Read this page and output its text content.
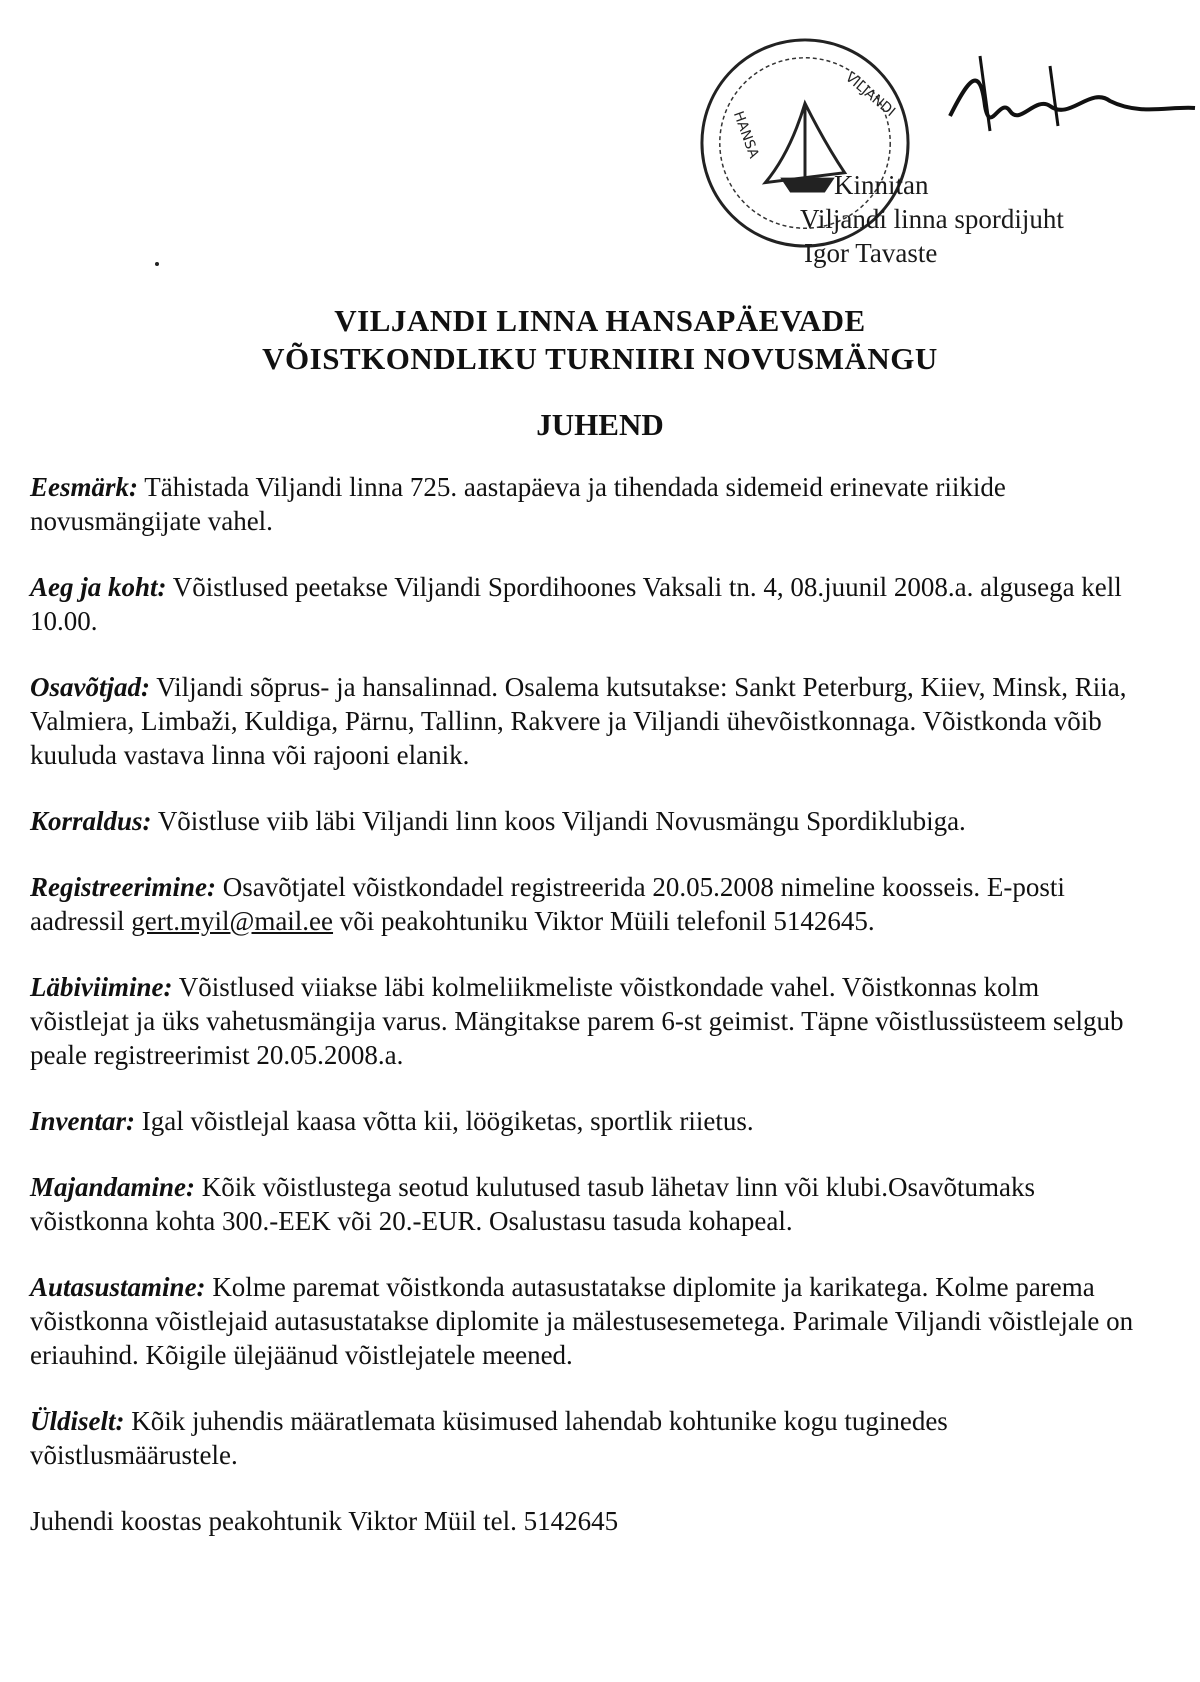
HANSA
VILJANDI
Kinnitan
Viljandi linna spordijuht
Igor Tavaste
VILJANDI LINNA HANSAPÄEVADE VÕISTKONDLIKU TURNIIRI NOVUSMÄNGU
JUHEND

Eesmärk: Tähistada Viljandi linna 725. aastapäeva ja tihendada sidemeid erinevate riikide novusmängijate vahel.

Aeg ja koht: Võistlused peetakse Viljandi Spordihoones Vaksali tn. 4, 08.juunil 2008.a. algusega kell 10.00.

Osavõtjad: Viljandi sõprus- ja hansalinnad. Osalema kutsutakse: Sankt Peterburg, Kiiev, Minsk, Riia, Valmiera, Limbaži, Kuldiga, Pärnu, Tallinn, Rakvere ja Viljandi ühevõistkonnaga. Võistkonda võib kuuluda vastava linna või rajooni elanik.

Korraldus: Võistluse viib läbi Viljandi linn koos Viljandi Novusmängu Spordiklubiga.

Registreerimine: Osavõtjatel võistkondadel registreerida 20.05.2008 nimeline koosseis. E-posti aadressil gert.myil@mail.ee või peakohtuniku Viktor Müili telefonil 5142645.

Läbiviimine: Võistlused viiakse läbi kolmeliikmeliste võistkondade vahel. Võistkonnas kolm võistlejat ja üks vahetusmängija varus. Mängitakse parem 6-st geimist. Täpne võistlussüsteem selgub peale registreerimist 20.05.2008.a.

Inventar: Igal võistlejal kaasa võtta kii, löögiketas, sportlik riietus.

Majandamine: Kõik võistlustega seotud kulutused tasub lähetav linn või klubi.Osavõtumaks võistkonna kohta 300.-EEK või 20.-EUR. Osalustasu tasuda kohapeal.

Autasustamine: Kolme paremat võistkonda autasustatakse diplomite ja karikatega. Kolme parema võistkonna võistlejaid autasustatakse diplomite ja mälestusesemetega. Parimale Viljandi võistlejale on eriauhind. Kõigile ülejäänud võistlejatele meened.

Üldiselt: Kõik juhendis määratlemata küsimused lahendab kohtunike kogu tuginedes võistlusmäärustele.

Juhendi koostas peakohtunik Viktor Müil tel. 5142645
